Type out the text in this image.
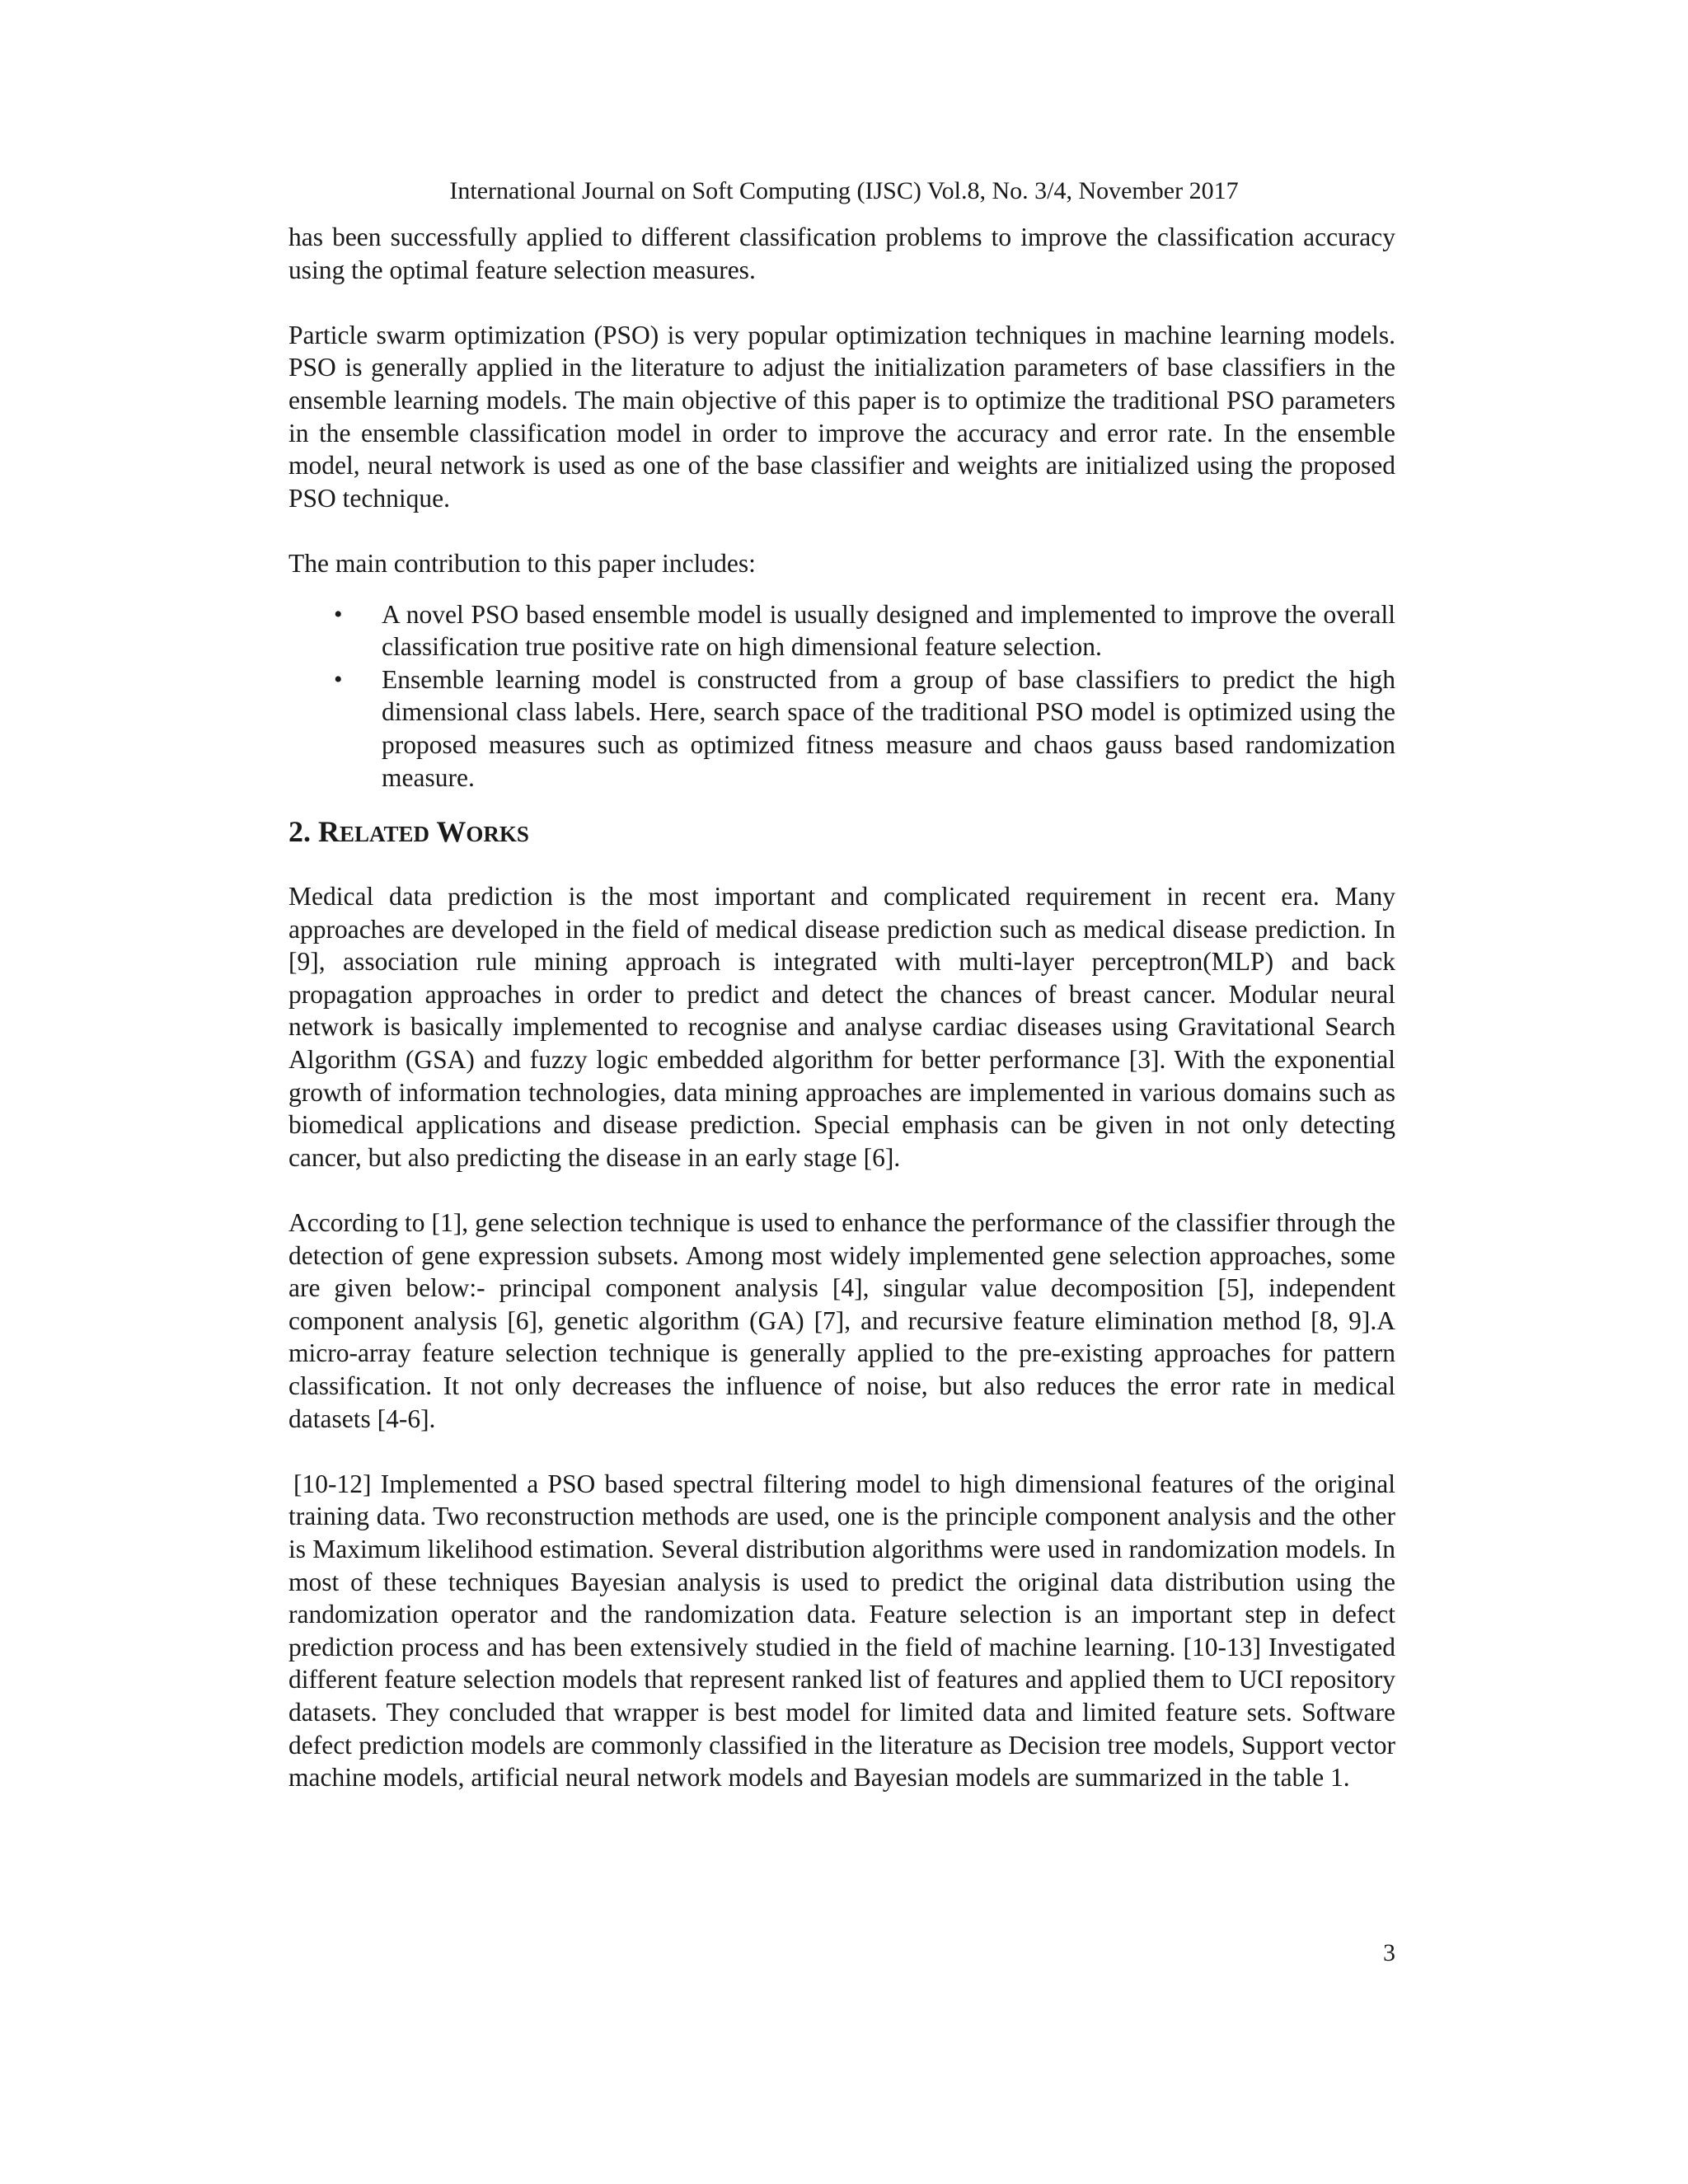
International Journal on Soft Computing (IJSC) Vol.8, No. 3/4, November 2017

has been successfully applied to different classification problems to improve the classification accuracy using the optimal feature selection measures.

Particle swarm optimization (PSO) is very popular optimization techniques in machine learning models. PSO is generally applied in the literature to adjust the initialization parameters of base classifiers in the ensemble learning models. The main objective of this paper is to optimize the traditional PSO parameters in the ensemble classification model in order to improve the accuracy and error rate. In the ensemble model, neural network is used as one of the base classifier and weights are initialized using the proposed PSO technique.

The main contribution to this paper includes:

• A novel PSO based ensemble model is usually designed and implemented to improve the overall classification true positive rate on high dimensional feature selection.
• Ensemble learning model is constructed from a group of base classifiers to predict the high dimensional class labels. Here, search space of the traditional PSO model is optimized using the proposed measures such as optimized fitness measure and chaos gauss based randomization measure.
2. RELATED WORKS

Medical data prediction is the most important and complicated requirement in recent era. Many approaches are developed in the field of medical disease prediction such as medical disease prediction. In [9], association rule mining approach is integrated with multi-layer perceptron(MLP) and back propagation approaches in order to predict and detect the chances of breast cancer. Modular neural network is basically implemented to recognise and analyse cardiac diseases using Gravitational Search Algorithm (GSA) and fuzzy logic embedded algorithm for better performance [3]. With the exponential growth of information technologies, data mining approaches are implemented in various domains such as biomedical applications and disease prediction. Special emphasis can be given in not only detecting cancer, but also predicting the disease in an early stage [6].

According to [1], gene selection technique is used to enhance the performance of the classifier through the detection of gene expression subsets. Among most widely implemented gene selection approaches, some are given below:- principal component analysis [4], singular value decomposition [5], independent component analysis [6], genetic algorithm (GA) [7], and recursive feature elimination method [8, 9].A micro-array feature selection technique is generally applied to the pre-existing approaches for pattern classification. It not only decreases the influence of noise, but also reduces the error rate in medical datasets [4-6].

[10-12] Implemented a PSO based spectral filtering model to high dimensional features of the original training data. Two reconstruction methods are used, one is the principle component analysis and the other is Maximum likelihood estimation. Several distribution algorithms were used in randomization models. In most of these techniques Bayesian analysis is used to predict the original data distribution using the randomization operator and the randomization data. Feature selection is an important step in defect prediction process and has been extensively studied in the field of machine learning. [10-13] Investigated different feature selection models that represent ranked list of features and applied them to UCI repository datasets. They concluded that wrapper is best model for limited data and limited feature sets. Software defect prediction models are commonly classified in the literature as Decision tree models, Support vector machine models, artificial neural network models and Bayesian models are summarized in the table 1.

3
